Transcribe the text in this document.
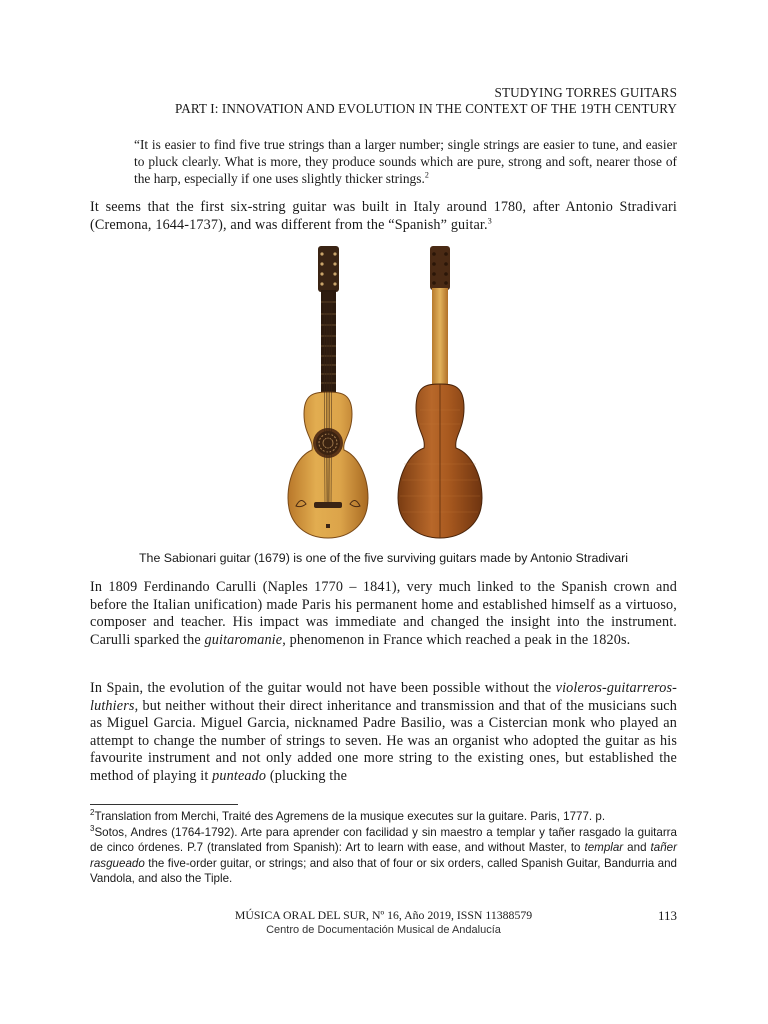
STUDYING TORRES GUITARS
PART I: INNOVATION AND EVOLUTION IN THE CONTEXT OF THE 19TH CENTURY
“It is easier to find five true strings than a larger number; single strings are easier to tune, and easier to pluck clearly. What is more, they produce sounds which are pure, strong and soft, nearer those of the harp, especially if one uses slightly thicker strings.$^2$
It seems that the first six-string guitar was built in Italy around 1780, after Antonio Stradivari (Cremona, 1644-1737), and was different from the “Spanish” guitar.$^3$
The Sabionari guitar (1679) is one of the five surviving guitars made by Antonio Stradivari
In 1809 Ferdinando Carulli (Naples 1770 – 1841), very much linked to the Spanish crown and before the Italian unification) made Paris his permanent home and established himself as a virtuoso, composer and teacher. His impact was immediate and changed the insight into the instrument. Carulli sparked the guitaromanie, phenomenon in France which reached a peak in the 1820s.
In Spain, the evolution of the guitar would not have been possible without the violeros-guitarreros-luthiers, but neither without their direct inheritance and transmission and that of the musicians such as Miguel Garcia. Miguel Garcia, nicknamed Padre Basilio, was a Cistercian monk who played an attempt to change the number of strings to seven. He was an organist who adopted the guitar as his favourite instrument and not only added one more string to the existing ones, but established the method of playing it punteado (plucking the

$^2$Translation from Merchi, Traité des Agremens de la musique executes sur la guitare. Paris, 1777. p.

$^3$Sotos, Andres (1764-1792). Arte para aprender con facilidad y sin maestro a templar y tañer rasgado la guitarra de cinco órdenes. P.7 (translated from Spanish): Art to learn with ease, and without Master, to templar and tañer rasgueado the five-order guitar, or strings; and also that of four or six orders, called Spanish Guitar, Bandurria and Vandola, and also the Tiple.

MÚSICA ORAL DEL SUR, Nº 16, Año 2019, ISSN 11388579
Centro de Documentación Musical de Andalucía
113
